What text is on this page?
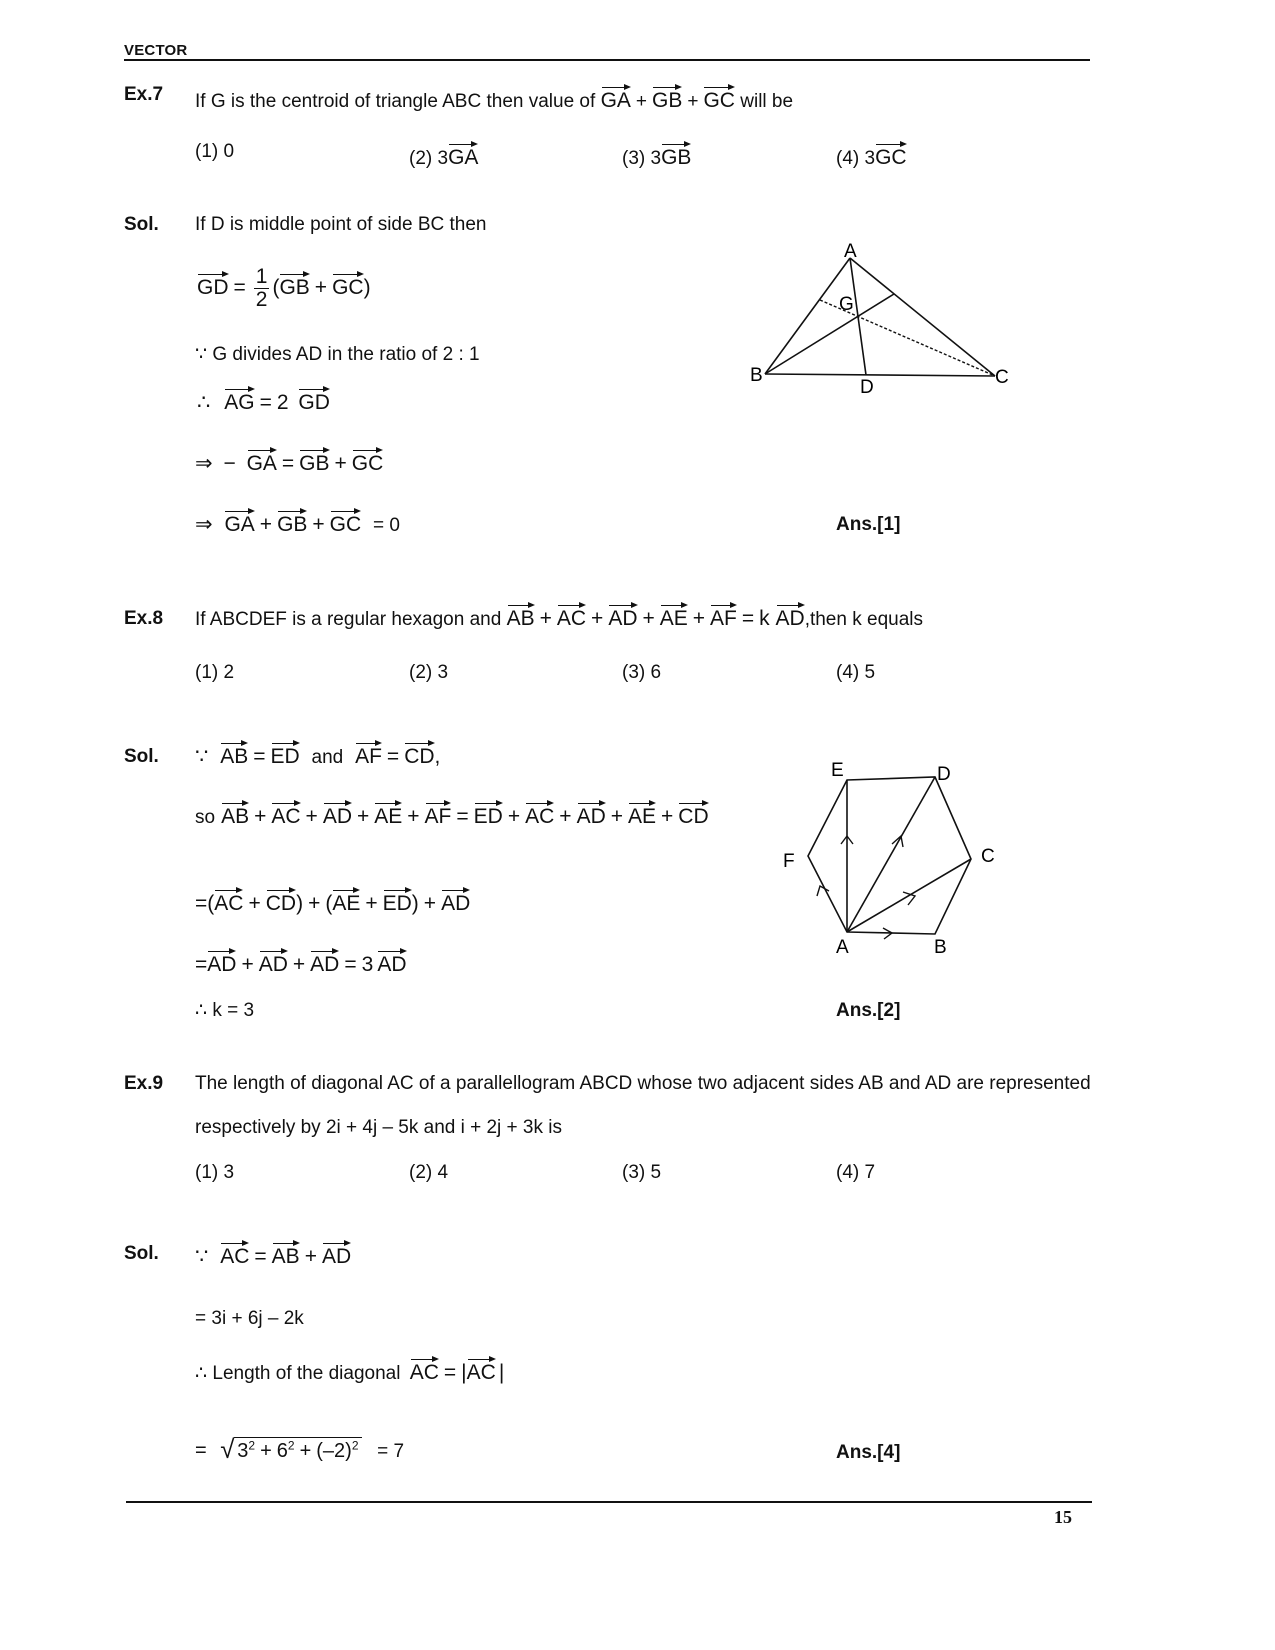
VECTOR
Ex.7 If G is the centroid of triangle ABC then value of GA + GB + GC will be
(1) 0	(2) 3GA	(3) 3GB	(4) 3GC
Sol. If D is middle point of side BC then
GD = $\frac{1}{2} (GB + GC)$
∵ G divides AD in the ratio of 2 : 1
∴ AG = 2 GD
⇒ − GA = GB + GC
⇒ GA + GB + GC = 0	Ans.[1]
A
B	C
D
G
Ex.8 If ABCDEF is a regular hexagon and AB + AC + AD + AE + AF = k AD,then k equals
(1) 2	(2) 3	(3) 6	(4) 5
Sol. ∵ AB = ED and AF = CD,
so AB + AC + AD + AE + AF = ED + AC + AD + AE + CD
=(AC + CD) + (AE + ED) + AD
=AD + AD + AD = 3 AD
∴ k = 3	Ans.[2]
A	B
C
D
E
F
Ex.9 The length of diagonal AC of a parallellogram ABCD whose two adjacent sides AB and AD are represented
respectively by 2i + 4j – 5k and i + 2j + 3k is
(1) 3	(2) 4	(3) 5	(4) 7
Sol. ∵ AC = AB + AD
= 3i + 6j – 2k
∴ Length of the diagonal AC = |AC |
= √ $3^2 + 6^2 + (-2)^2 = 7$	Ans.[4]
15
